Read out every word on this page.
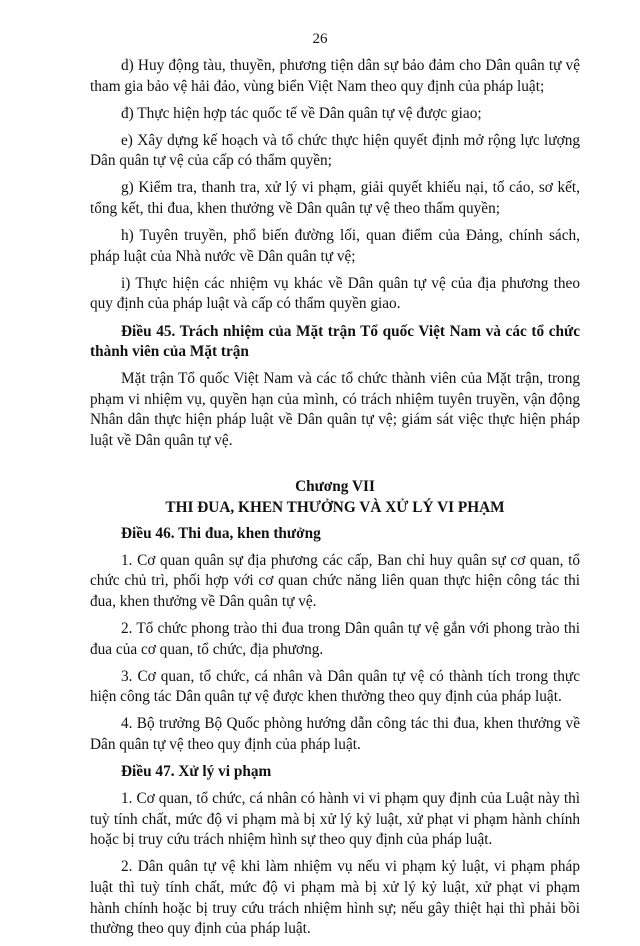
26

d) Huy động tàu, thuyền, phương tiện dân sự bảo đảm cho Dân quân tự vệ tham gia bảo vệ hải đảo, vùng biển Việt Nam theo quy định của pháp luật;

đ) Thực hiện hợp tác quốc tế về Dân quân tự vệ được giao;

e) Xây dựng kế hoạch và tổ chức thực hiện quyết định mở rộng lực lượng Dân quân tự vệ của cấp có thẩm quyền;

g) Kiểm tra, thanh tra, xử lý vi phạm, giải quyết khiếu nại, tố cáo, sơ kết, tổng kết, thi đua, khen thưởng về Dân quân tự vệ theo thẩm quyền;

h) Tuyên truyền, phổ biến đường lối, quan điểm của Đảng, chính sách, pháp luật của Nhà nước về Dân quân tự vệ;

i) Thực hiện các nhiệm vụ khác về Dân quân tự vệ của địa phương theo quy định của pháp luật và cấp có thẩm quyền giao.

Điều 45. Trách nhiệm của Mặt trận Tổ quốc Việt Nam và các tổ chức thành viên của Mặt trận

Mặt trận Tổ quốc Việt Nam và các tổ chức thành viên của Mặt trận, trong phạm vi nhiệm vụ, quyền hạn của mình, có trách nhiệm tuyên truyền, vận động Nhân dân thực hiện pháp luật về Dân quân tự vệ; giám sát việc thực hiện pháp luật về Dân quân tự vệ.

Chương VII

THI ĐUA, KHEN THƯỞNG VÀ XỬ LÝ VI PHẠM

Điều 46. Thi đua, khen thưởng

1. Cơ quan quân sự địa phương các cấp, Ban chỉ huy quân sự cơ quan, tổ chức chủ trì, phối hợp với cơ quan chức năng liên quan thực hiện công tác thi đua, khen thưởng về Dân quân tự vệ.

2. Tổ chức phong trào thi đua trong Dân quân tự vệ gắn với phong trào thi đua của cơ quan, tổ chức, địa phương.

3. Cơ quan, tổ chức, cá nhân và Dân quân tự vệ có thành tích trong thực hiện công tác Dân quân tự vệ được khen thưởng theo quy định của pháp luật.

4. Bộ trưởng Bộ Quốc phòng hướng dẫn công tác thi đua, khen thưởng về Dân quân tự vệ theo quy định của pháp luật.

Điều 47. Xử lý vi phạm

1. Cơ quan, tổ chức, cá nhân có hành vi vi phạm quy định của Luật này thì tuỳ tính chất, mức độ vi phạm mà bị xử lý kỷ luật, xử phạt vi phạm hành chính hoặc bị truy cứu trách nhiệm hình sự theo quy định của pháp luật.

2. Dân quân tự vệ khi làm nhiệm vụ nếu vi phạm kỷ luật, vi phạm pháp luật thì tuỳ tính chất, mức độ vi phạm mà bị xử lý kỷ luật, xử phạt vi phạm hành chính hoặc bị truy cứu trách nhiệm hình sự; nếu gây thiệt hại thì phải bồi thường theo quy định của pháp luật.
